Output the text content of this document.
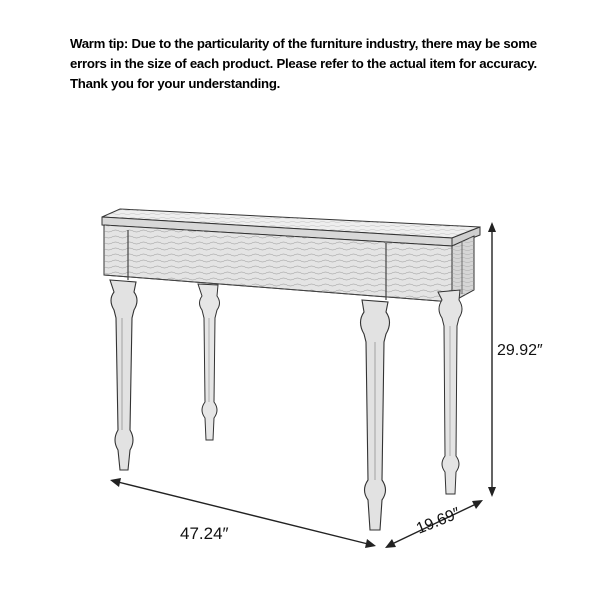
Warm tip: Due to the particularity of the furniture industry, there may be some errors in the size of each product. Please refer to the actual item for accuracy. Thank you for your understanding.

29.92″
47.24″	19.69″
